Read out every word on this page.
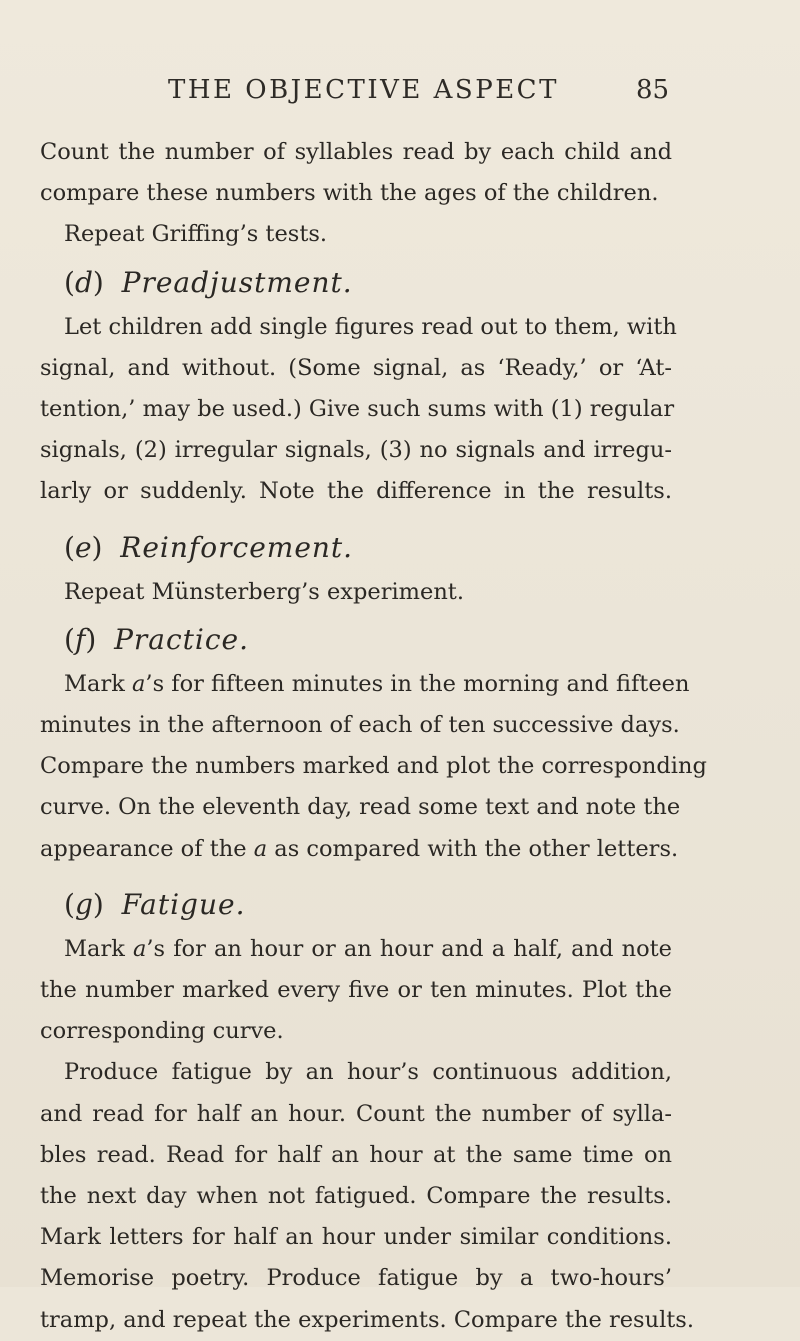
THE OBJECTIVE ASPECT	85
Count the number of syllables read by each child and
compare these numbers with the ages of the children.
Repeat Griffing’s tests.
(d) Preadjustment.
Let children add single figures read out to them, with
signal, and without. (Some signal, as ‘Ready,’ or ‘At-
tention,’ may be used.) Give such sums with (1) regular
signals, (2) irregular signals, (3) no signals and irregu-
larly or suddenly. Note the difference in the results.
(e) Reinforcement.
Repeat Münsterberg’s experiment.
(f) Practice.
Mark a’s for fifteen minutes in the morning and fifteen
minutes in the afternoon of each of ten successive days.
Compare the numbers marked and plot the corresponding
curve. On the eleventh day, read some text and note the
appearance of the a as compared with the other letters.
(g) Fatigue.
Mark a’s for an hour or an hour and a half, and note
the number marked every five or ten minutes. Plot the
corresponding curve.
Produce fatigue by an hour’s continuous addition,
and read for half an hour. Count the number of sylla-
bles read. Read for half an hour at the same time on
the next day when not fatigued. Compare the results.
Mark letters for half an hour under similar conditions.
Memorise poetry. Produce fatigue by a two-hours’
tramp, and repeat the experiments. Compare the results.
